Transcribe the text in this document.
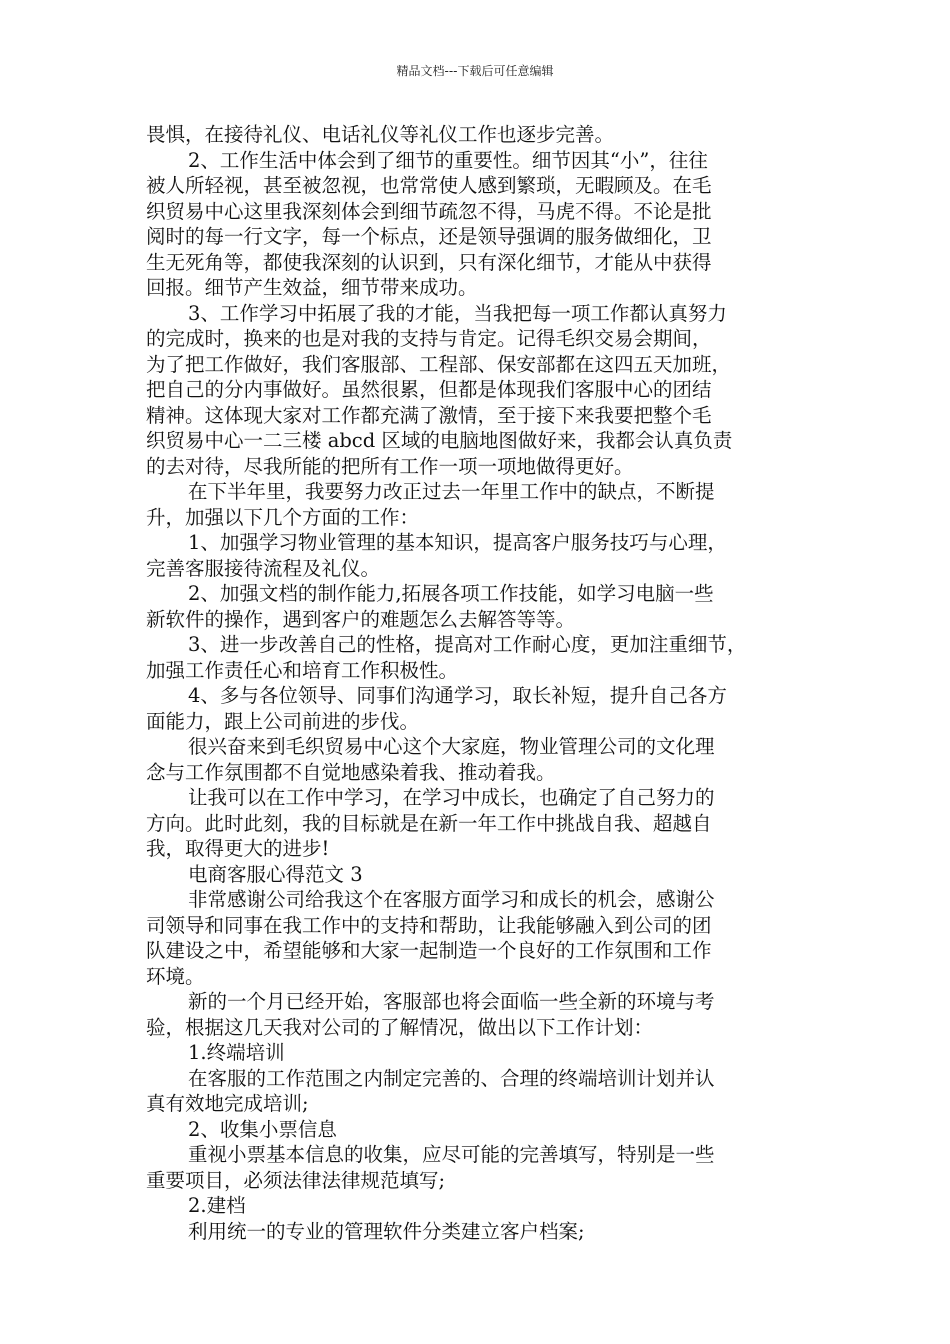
精品文档---下载后可任意编辑
畏惧，在接待礼仪、电话礼仪等礼仪工作也逐步完善。
2、工作生活中体会到了细节的重要性。细节因其“小”，往往
被人所轻视，甚至被忽视，也常常使人感到繁琐，无暇顾及。在毛
织贸易中心这里我深刻体会到细节疏忽不得，马虎不得。不论是批
阅时的每一行文字，每一个标点，还是领导强调的服务做细化，卫
生无死角等，都使我深刻的认识到，只有深化细节，才能从中获得
回报。细节产生效益，细节带来成功。
3、工作学习中拓展了我的才能，当我把每一项工作都认真努力
的完成时，换来的也是对我的支持与肯定。记得毛织交易会期间，
为了把工作做好，我们客服部、工程部、保安部都在这四五天加班，
把自己的分内事做好。虽然很累，但都是体现我们客服中心的团结
精神。这体现大家对工作都充满了激情，至于接下来我要把整个毛
织贸易中心一二三楼 abcd 区域的电脑地图做好来，我都会认真负责
的去对待，尽我所能的把所有工作一项一项地做得更好。
在下半年里，我要努力改正过去一年里工作中的缺点，不断提
升，加强以下几个方面的工作：
1、加强学习物业管理的基本知识，提高客户服务技巧与心理，
完善客服接待流程及礼仪。
2、加强文档的制作能力,拓展各项工作技能，如学习电脑一些
新软件的操作，遇到客户的难题怎么去解答等等。
3、进一步改善自己的性格，提高对工作耐心度，更加注重细节，
加强工作责任心和培育工作积极性。
4、多与各位领导、同事们沟通学习，取长补短，提升自己各方
面能力，跟上公司前进的步伐。
很兴奋来到毛织贸易中心这个大家庭，物业管理公司的文化理
念与工作氛围都不自觉地感染着我、推动着我。
让我可以在工作中学习，在学习中成长，也确定了自己努力的
方向。此时此刻，我的目标就是在新一年工作中挑战自我、超越自
我，取得更大的进步!
电商客服心得范文 3
非常感谢公司给我这个在客服方面学习和成长的机会，感谢公
司领导和同事在我工作中的支持和帮助，让我能够融入到公司的团
队建设之中，希望能够和大家一起制造一个良好的工作氛围和工作
环境。
新的一个月已经开始，客服部也将会面临一些全新的环境与考
验，根据这几天我对公司的了解情况，做出以下工作计划：
1.终端培训
在客服的工作范围之内制定完善的、合理的终端培训计划并认
真有效地完成培训;
2、收集小票信息
重视小票基本信息的收集，应尽可能的完善填写，特别是一些
重要项目，必须法律法律规范填写;
2.建档
利用统一的专业的管理软件分类建立客户档案;
